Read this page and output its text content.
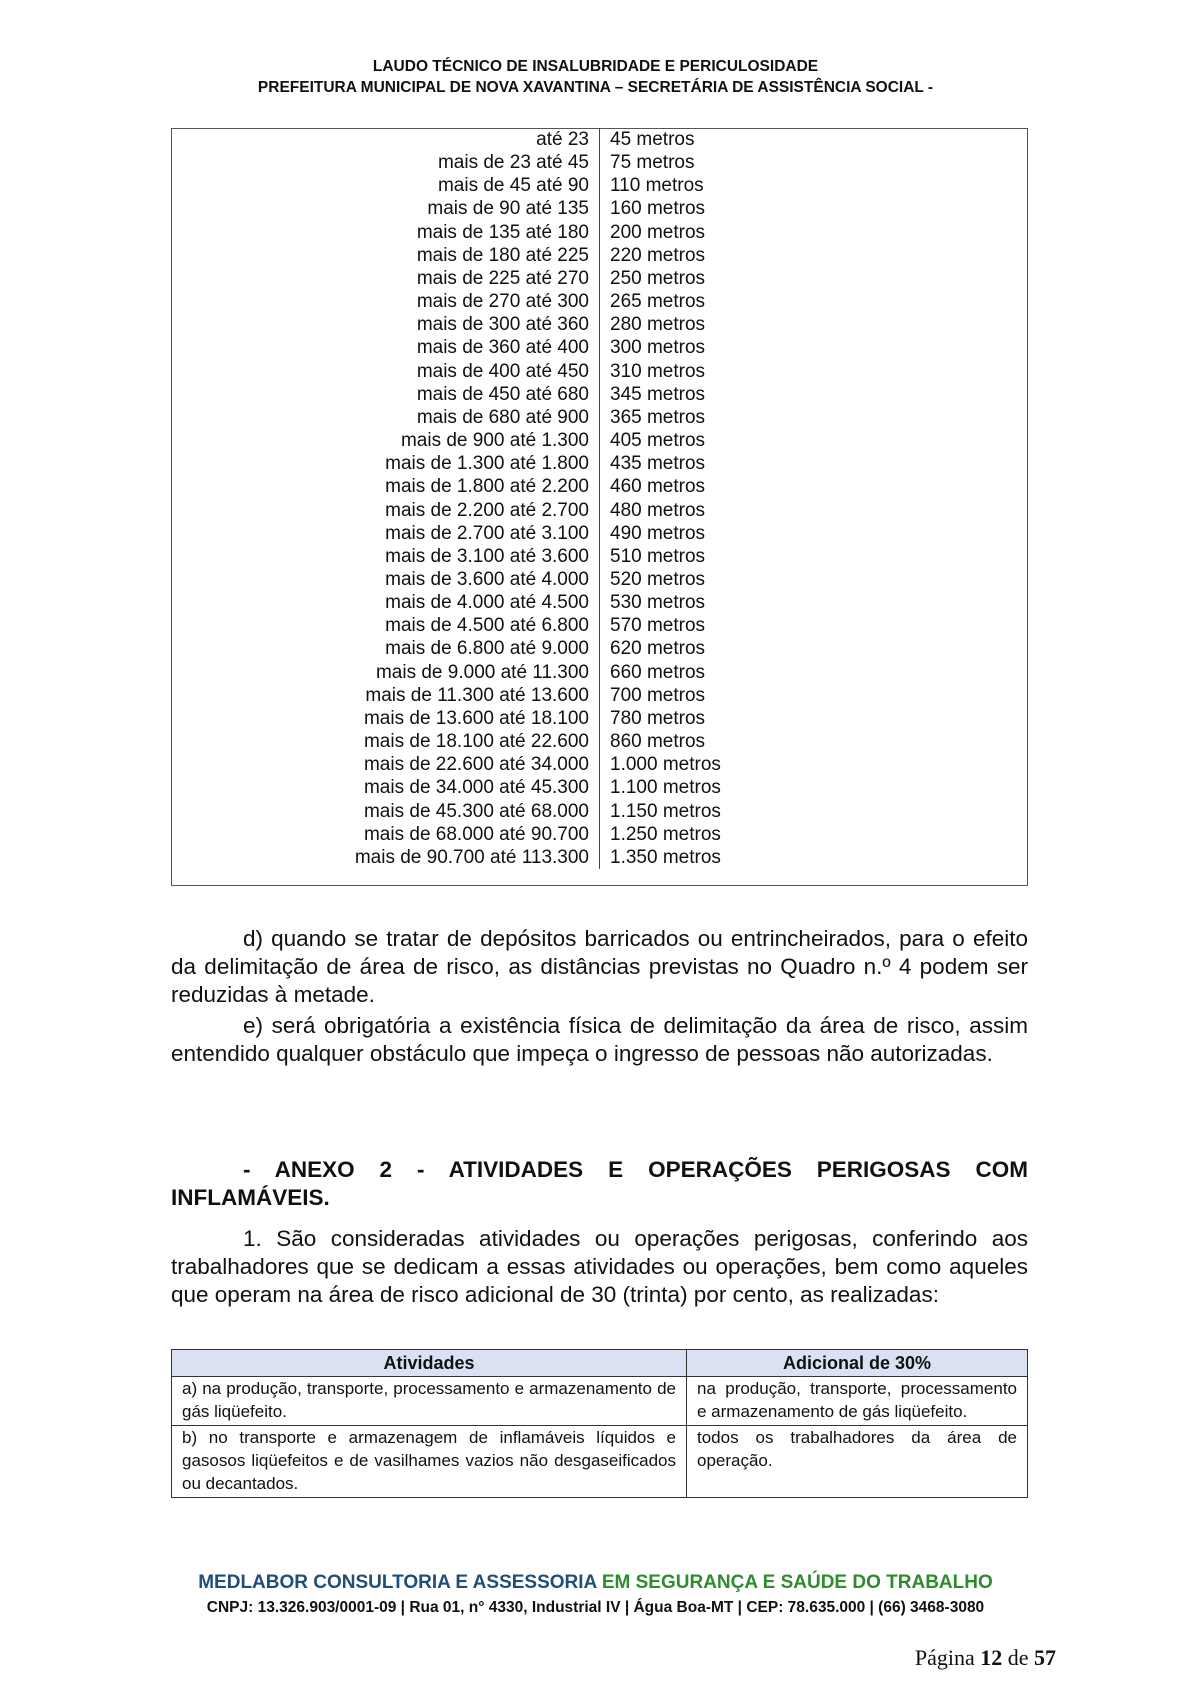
LAUDO TÉCNICO DE INSALUBRIDADE E PERICULOSIDADE
PREFEITURA MUNICIPAL DE NOVA XAVANTINA – SECRETÁRIA DE ASSISTÊNCIA SOCIAL -
até 23	45 metros
mais de 23 até 45	75 metros
mais de 45 até 90	110 metros
mais de 90 até 135	160 metros
mais de 135 até 180	200 metros
mais de 180 até 225	220 metros
mais de 225 até 270	250 metros
mais de 270 até 300	265 metros
mais de 300 até 360	280 metros
mais de 360 até 400	300 metros
mais de 400 até 450	310 metros
mais de 450 até 680	345 metros
mais de 680 até 900	365 metros
mais de 900 até 1.300	405 metros
mais de 1.300 até 1.800	435 metros
mais de 1.800 até 2.200	460 metros
mais de 2.200 até 2.700	480 metros
mais de 2.700 até 3.100	490 metros
mais de 3.100 até 3.600	510 metros
mais de 3.600 até 4.000	520 metros
mais de 4.000 até 4.500	530 metros
mais de 4.500 até 6.800	570 metros
mais de 6.800 até 9.000	620 metros
mais de 9.000 até 11.300	660 metros
mais de 11.300 até 13.600	700 metros
mais de 13.600 até 18.100	780 metros
mais de 18.100 até 22.600	860 metros
mais de 22.600 até 34.000	1.000 metros
mais de 34.000 até 45.300	1.100 metros
mais de 45.300 até 68.000	1.150 metros
mais de 68.000 até 90.700	1.250 metros
mais de 90.700 até 113.300	1.350 metros

d) quando se tratar de depósitos barricados ou entrincheirados, para o efeito da delimitação de área de risco, as distâncias previstas no Quadro n.º 4 podem ser reduzidas à metade.

e) será obrigatória a existência física de delimitação da área de risco, assim entendido qualquer obstáculo que impeça o ingresso de pessoas não autorizadas.

- ANEXO 2 - ATIVIDADES E OPERAÇÕES PERIGOSAS COM INFLAMÁVEIS.

1. São consideradas atividades ou operações perigosas, conferindo aos trabalhadores que se dedicam a essas atividades ou operações, bem como aqueles que operam na área de risco adicional de 30 (trinta) por cento, as realizadas:

Atividades	Adicional de 30%
a) na produção, transporte, processamento e armazenamento de gás liqüefeito.	na produção, transporte, processamento e armazenamento de gás liqüefeito.
b) no transporte e armazenagem de inflamáveis líquidos e gasosos liqüefeitos e de vasilhames vazios não desgaseificados ou decantados.	todos os trabalhadores da área de operação.
MEDLABOR CONSULTORIA E ASSESSORIA EM SEGURANÇA E SAÚDE DO TRABALHO
CNPJ: 13.326.903/0001-09 | Rua 01, n° 4330, Industrial IV | Água Boa-MT | CEP: 78.635.000 | (66) 3468-3080
Página 12 de 57
